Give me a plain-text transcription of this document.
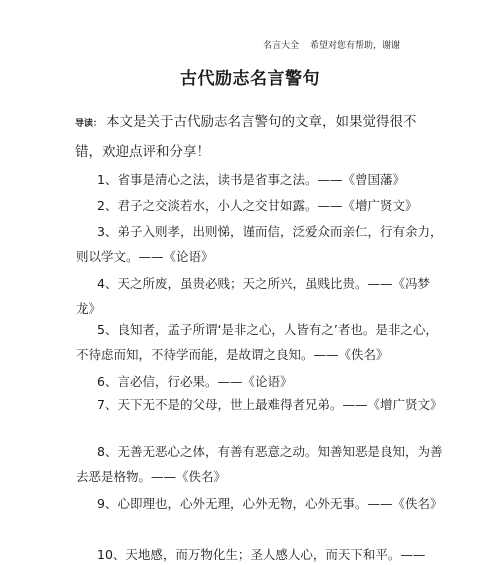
名言大全 希望对您有帮助，谢谢
古代励志名言警句
导读： 本文是关于古代励志名言警句的文章，如果觉得很不错，欢迎点评和分享！
1、省事是清心之法，读书是省事之法。——《曾国藩》
2、君子之交淡若水，小人之交甘如露。——《增广贤文》
3、弟子入则孝，出则悌，谨而信，泛爱众而亲仁，行有余力，
则以学文。——《论语》
4、天之所废，虽贵必贱；天之所兴，虽贱比贵。——《冯梦
龙》
5、良知者，孟子所谓‘是非之心，人皆有之’者也。是非之心，
不待虑而知，不待学而能，是故谓之良知。——《佚名》
6、言必信，行必果。——《论语》
7、天下无不是的父母，世上最难得者兄弟。——《增广贤文》
8、无善无恶心之体，有善有恶意之动。知善知恶是良知，为善
去恶是格物。——《佚名》
9、心即理也，心外无理，心外无物，心外无事。——《佚名》
10、天地感，而万物化生；圣人感人心，而天下和平。——
